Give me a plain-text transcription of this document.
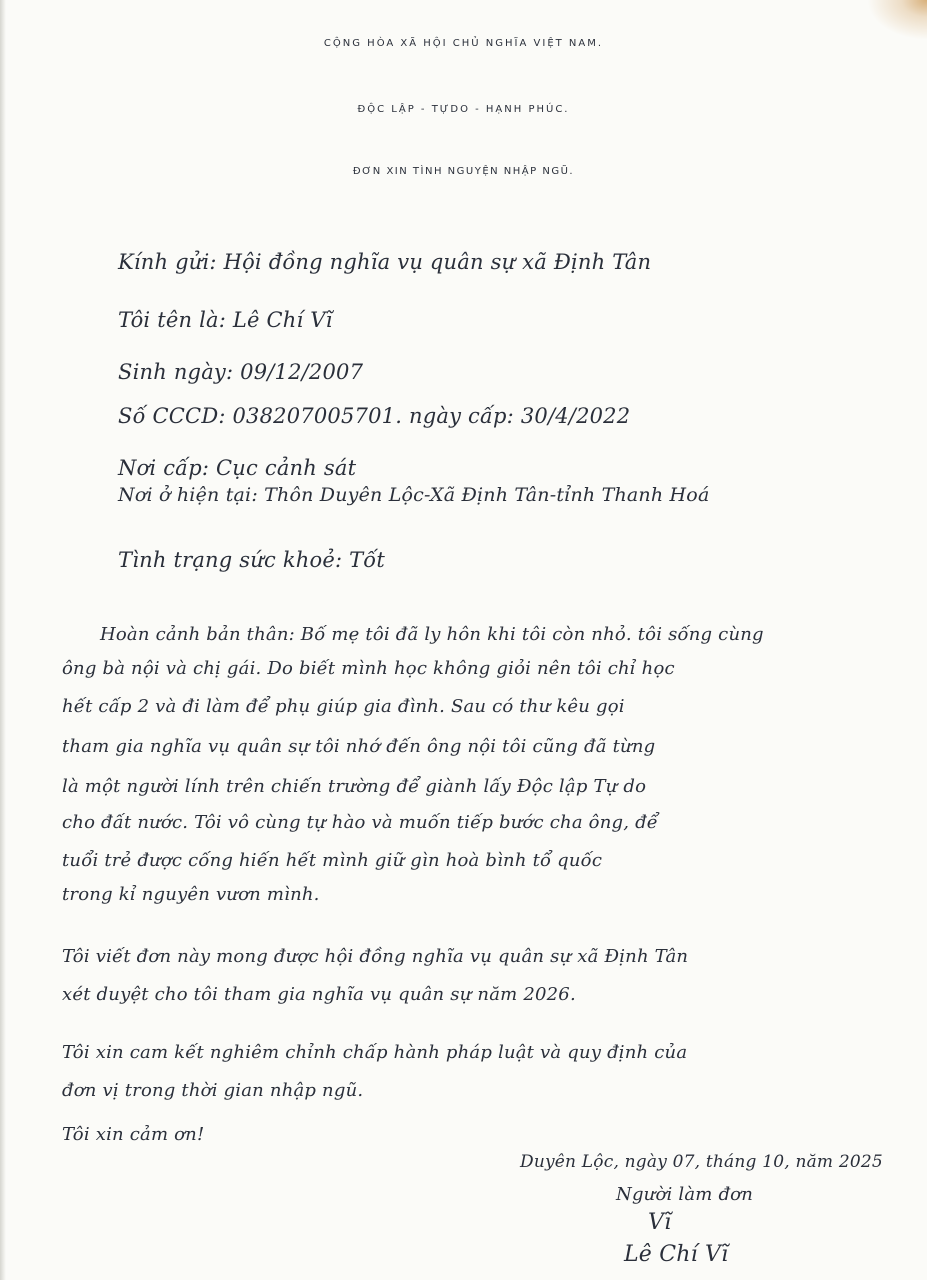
CỘNG HÒA XÃ HỘI CHỦ NGHĨA VIỆT NAM.
ĐỘC LẬP - TỰDO - HẠNH PHÚC.
ĐƠN XIN TÌNH NGUYỆN NHẬP NGŨ.
Kính gửi: Hội đồng nghĩa vụ quân sự xã Định Tân
Tôi tên là: Lê Chí Vĩ
Sinh ngày: 09/12/2007
Số CCCD: 038207005701. ngày cấp: 30/4/2022
Nơi cấp: Cục cảnh sát
Nơi ở hiện tại: Thôn Duyên Lộc-Xã Định Tân-tỉnh Thanh Hoá
Tình trạng sức khoẻ: Tốt
Hoàn cảnh bản thân: Bố mẹ tôi đã ly hôn khi tôi còn nhỏ. tôi sống cùng
ông bà nội và chị gái. Do biết mình học không giỏi nên tôi chỉ học
hết cấp 2 và đi làm để phụ giúp gia đình. Sau có thư kêu gọi
tham gia nghĩa vụ quân sự tôi nhớ đến ông nội tôi cũng đã từng
là một người lính trên chiến trường để giành lấy Độc lập Tự do
cho đất nước. Tôi vô cùng tự hào và muốn tiếp bước cha ông, để
tuổi trẻ được cống hiến hết mình giữ gìn hoà bình tổ quốc
trong kỉ nguyên vươn mình.
Tôi viết đơn này mong được hội đồng nghĩa vụ quân sự xã Định Tân
xét duyệt cho tôi tham gia nghĩa vụ quân sự năm 2026.
Tôi xin cam kết nghiêm chỉnh chấp hành pháp luật và quy định của
đơn vị trong thời gian nhập ngũ.
Tôi xin cảm ơn!
Duyên Lộc, ngày 07, tháng 10, năm 2025
Người làm đơn
Vĩ
Lê Chí Vĩ
